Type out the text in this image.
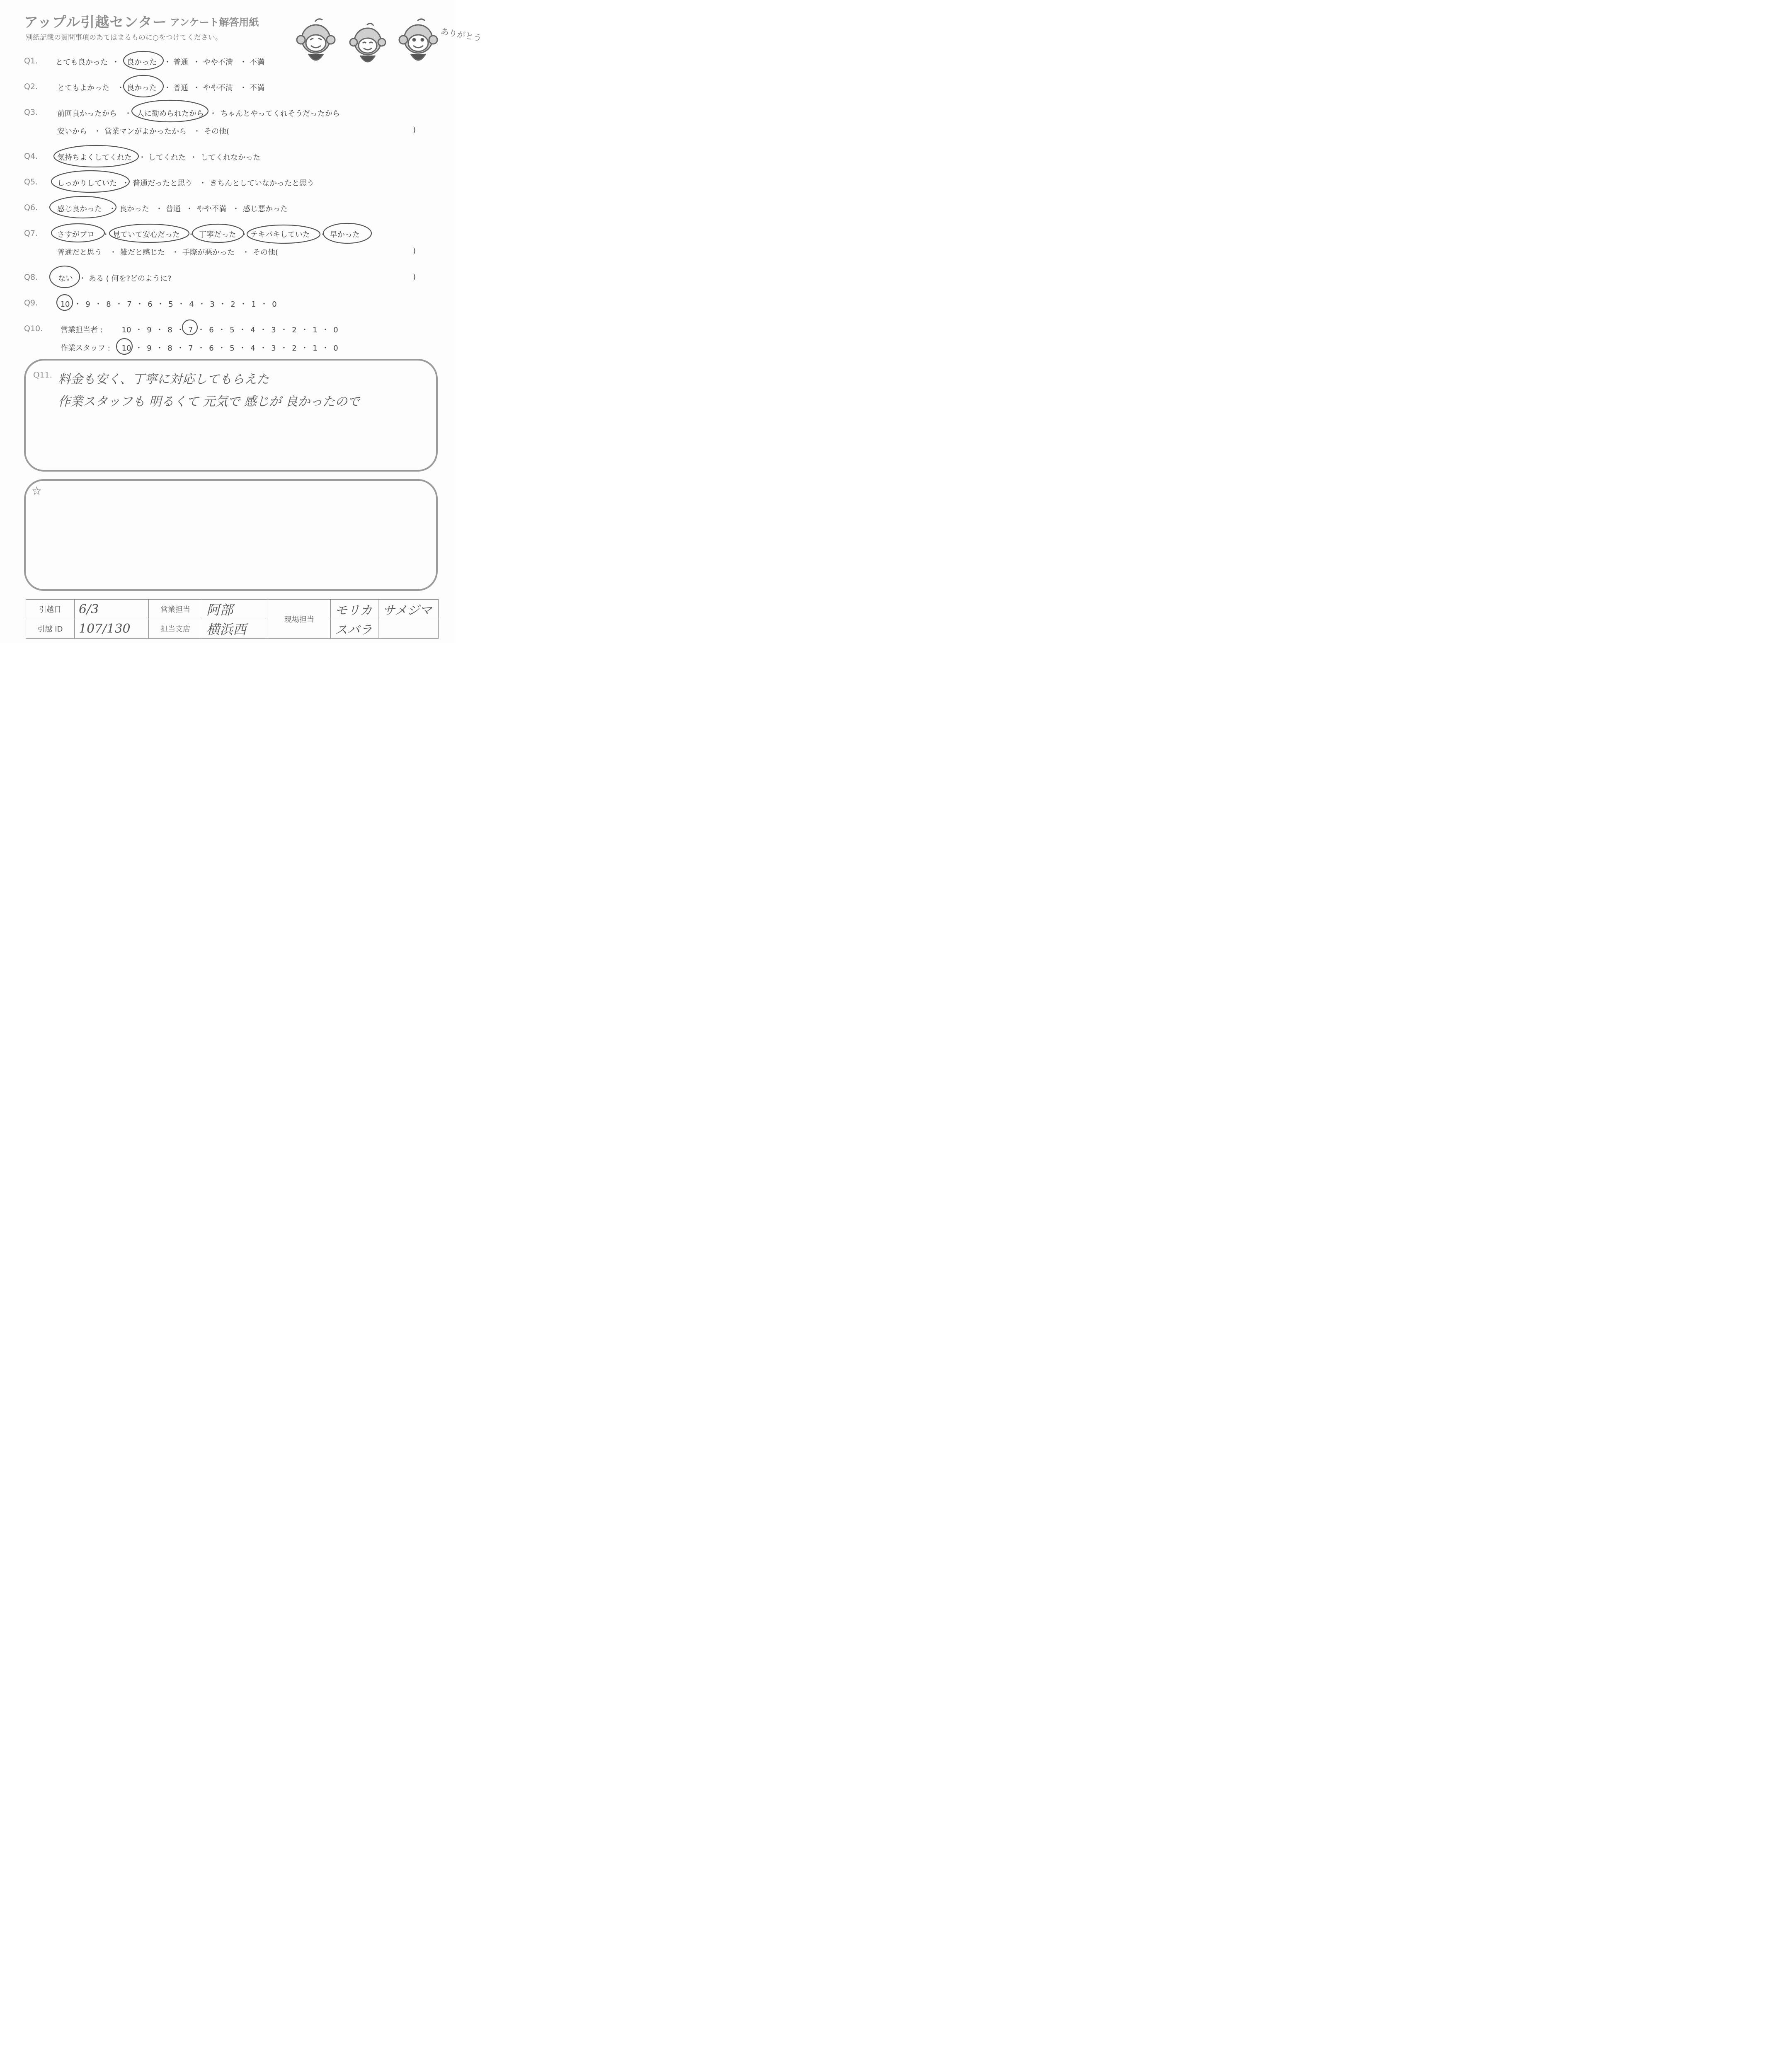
アップル引越センター アンケート解答用紙
別紙記載の質問事項のあてはまるものに○をつけてください。	ありがとう
Q1. とても良かった	良かった ・ 普通 ・ やや不満 ・ 不満
・
Q2.	とてもよかった ・ 良かった ・ 普通 ・ やや不満 ・ 不満
Q3.	前回良かったから ・ 人に勧められたから ・ ちゃんとやってくれそうだったから
安いから ・ 営業マンがよかったから ・ その他(	)
Q4.	気持ちよくしてくれた ・ してくれた ・ してくれなかった
Q5.	しっかりしていた ・ 普通だったと思う ・ きちんとしていなかったと思う
Q6.	感じ良かった ・ 良かった ・ 普通 ・ やや不満 ・ 感じ悪かった
Q7.	さすがプロ ・ 見ていて安心だった ・ 丁寧だった ・ テキパキしていた ・ 早かった
普通だと思う ・ 雑だと感じた ・ 手際が悪かった ・ その他(	)
Q8.	ない ・ ある ( 何を?どのように?	)
Q9.	10 ・ 9 ・ 8 ・ 7 ・ 6 ・ 5 ・ 4 ・ 3 ・ 2 ・ 1 ・ 0
Q10. 営業担当者 :	10 ・ 9 ・ 8 ・ 7 ・ 6 ・ 5 ・ 4 ・ 3 ・ 2 ・ 1 ・ 0
作業スタッフ :	10 ・ 9 ・ 8 ・ 7 ・ 6 ・ 5 ・ 4 ・ 3 ・ 2 ・ 1 ・ 0
Q11. 料金も安く、丁寧に対応してもらえた
作業スタッフも 明るくて 元気で 感じが 良かったので
☆
引越日	6/3	営業担当	阿部	現場担当	モリカ	サメジマ
引越 ID	107/130	担当支店	横浜西		スバラ	
